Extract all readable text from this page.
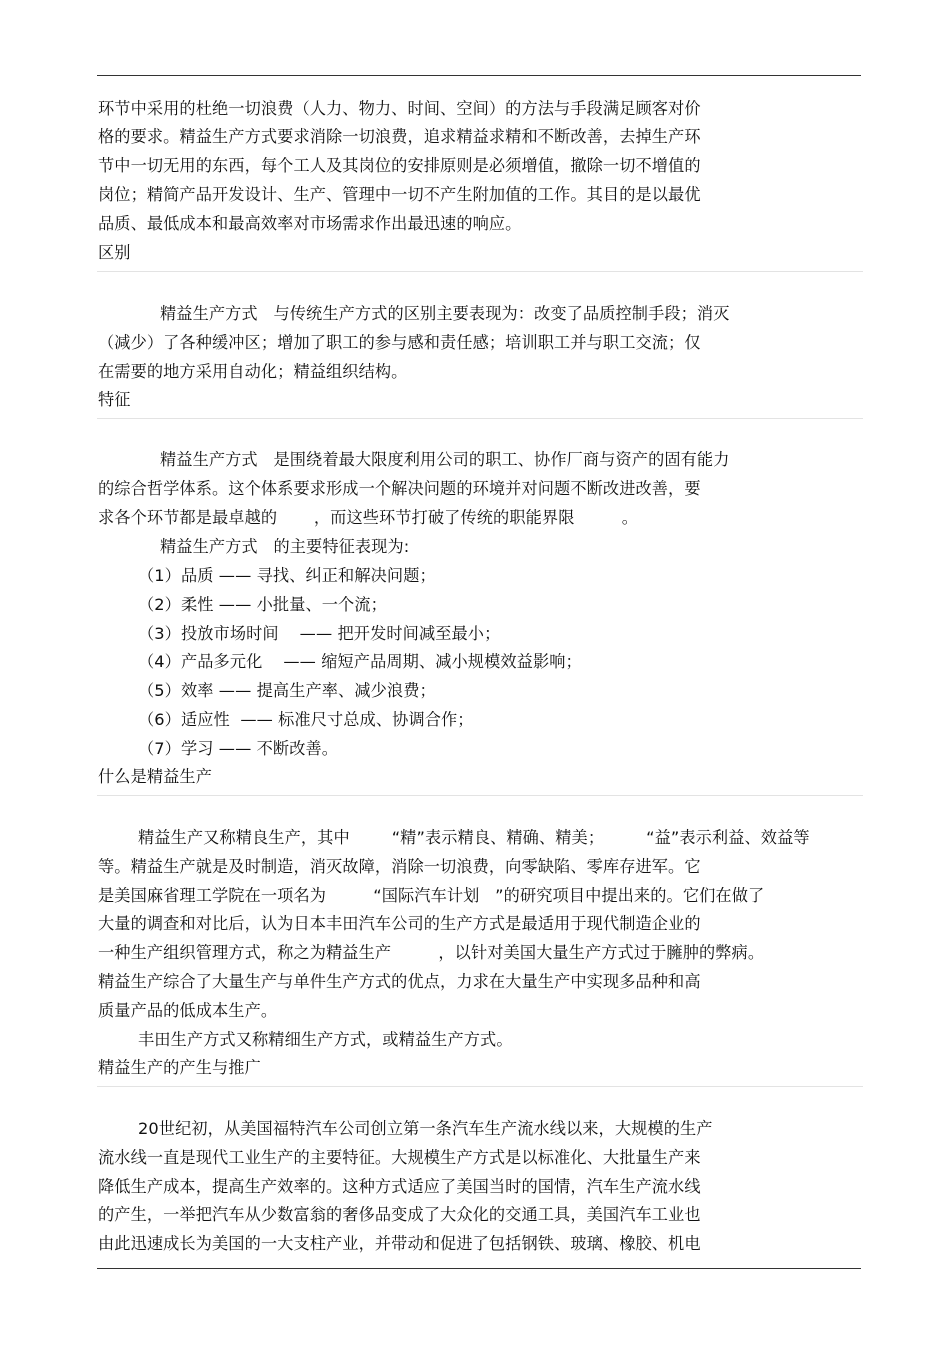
环节中采用的杜绝一切浪费（人力、物力、时间、空间）的方法与手段满足顾客对价
格的要求。精益生产方式要求消除一切浪费，追求精益求精和不断改善，去掉生产环
节中一切无用的东西，每个工人及其岗位的安排原则是必须增值，撤除一切不增值的
岗位；精简产品开发设计、生产、管理中一切不产生附加值的工作。其目的是以最优
品质、最低成本和最高效率对市场需求作出最迅速的响应。
区别
精益生产方式   与传统生产方式的区别主要表现为：改变了品质控制手段；消灭
（减少）了各种缓冲区；增加了职工的参与感和责任感；培训职工并与职工交流；仅
在需要的地方采用自动化；精益组织结构。
特征
精益生产方式   是围绕着最大限度利用公司的职工、协作厂商与资产的固有能力
的综合哲学体系。这个体系要求形成一个解决问题的环境并对问题不断改进改善，要
求各个环节都是最卓越的       ，而这些环节打破了传统的职能界限         。
精益生产方式   的主要特征表现为:
（1）品质 —— 寻找、纠正和解决问题；
（2）柔性 —— 小批量、一个流；
（3）投放市场时间    —— 把开发时间减至最小；
（4）产品多元化    —— 缩短产品周期、减小规模效益影响；
（5）效率 —— 提高生产率、减少浪费；
（6）适应性  —— 标准尺寸总成、协调合作；
（7）学习 —— 不断改善。
什么是精益生产
精益生产又称精良生产，其中        “精”表示精良、精确、精美；        “益”表示利益、效益等
等。精益生产就是及时制造，消灭故障，消除一切浪费，向零缺陷、零库存进军。它
是美国麻省理工学院在一项名为         “国际汽车计划   ”的研究项目中提出来的。它们在做了
大量的调查和对比后，认为日本丰田汽车公司的生产方式是最适用于现代制造企业的
一种生产组织管理方式，称之为精益生产         ，以针对美国大量生产方式过于臃肿的弊病。
精益生产综合了大量生产与单件生产方式的优点，力求在大量生产中实现多品种和高
质量产品的低成本生产。
丰田生产方式又称精细生产方式，或精益生产方式。
精益生产的产生与推广
20世纪初，从美国福特汽车公司创立第一条汽车生产流水线以来，大规模的生产
流水线一直是现代工业生产的主要特征。大规模生产方式是以标准化、大批量生产来
降低生产成本，提高生产效率的。这种方式适应了美国当时的国情，汽车生产流水线
的产生，一举把汽车从少数富翁的奢侈品变成了大众化的交通工具，美国汽车工业也
由此迅速成长为美国的一大支柱产业，并带动和促进了包括钢铁、玻璃、橡胶、机电
